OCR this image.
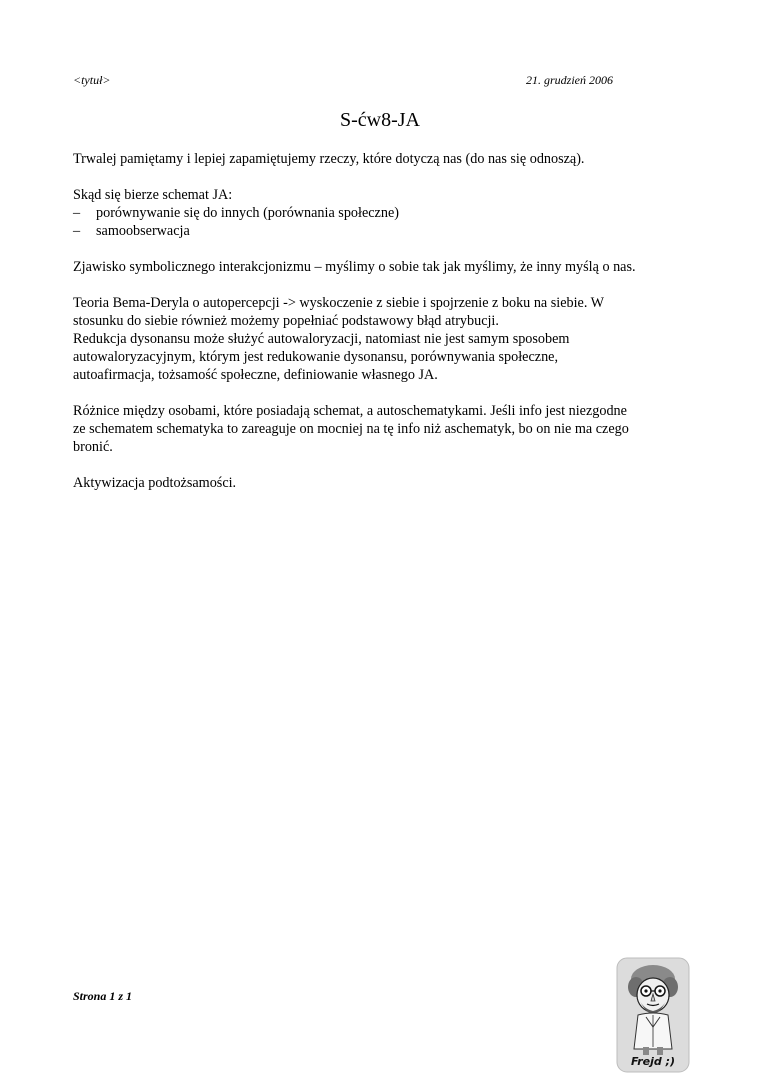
<tytuł>	21. grudzień 2006
S-ćw8-JA
Trwalej pamiętamy i lepiej zapamiętujemy rzeczy, które dotyczą nas (do nas się odnoszą).
Skąd się bierze schemat JA:
– porównywanie się do innych (porównania społeczne)
– samoobserwacja
Zjawisko symbolicznego interakcjonizmu – myślimy o sobie tak jak myślimy, że inny myślą o nas.
Teoria Bema-Deryla o autopercepcji -> wyskoczenie z siebie i spojrzenie z boku na siebie. W
stosunku do siebie również możemy popełniać podstawowy błąd atrybucji.
Redukcja dysonansu może służyć autowaloryzacji, natomiast nie jest samym sposobem
autowaloryzacyjnym, którym jest redukowanie dysonansu, porównywania społeczne,
autoafirmacja, tożsamość społeczne, definiowanie własnego JA.
Różnice między osobami, które posiadają schemat, a autoschematykami. Jeśli info jest niezgodne
ze schematem schematyka to zareaguje on mocniej na tę info niż aschematyk, bo on nie ma czego
bronić.
Aktywizacja podtożsamości.
Strona 1 z 1
Frejd ;)
